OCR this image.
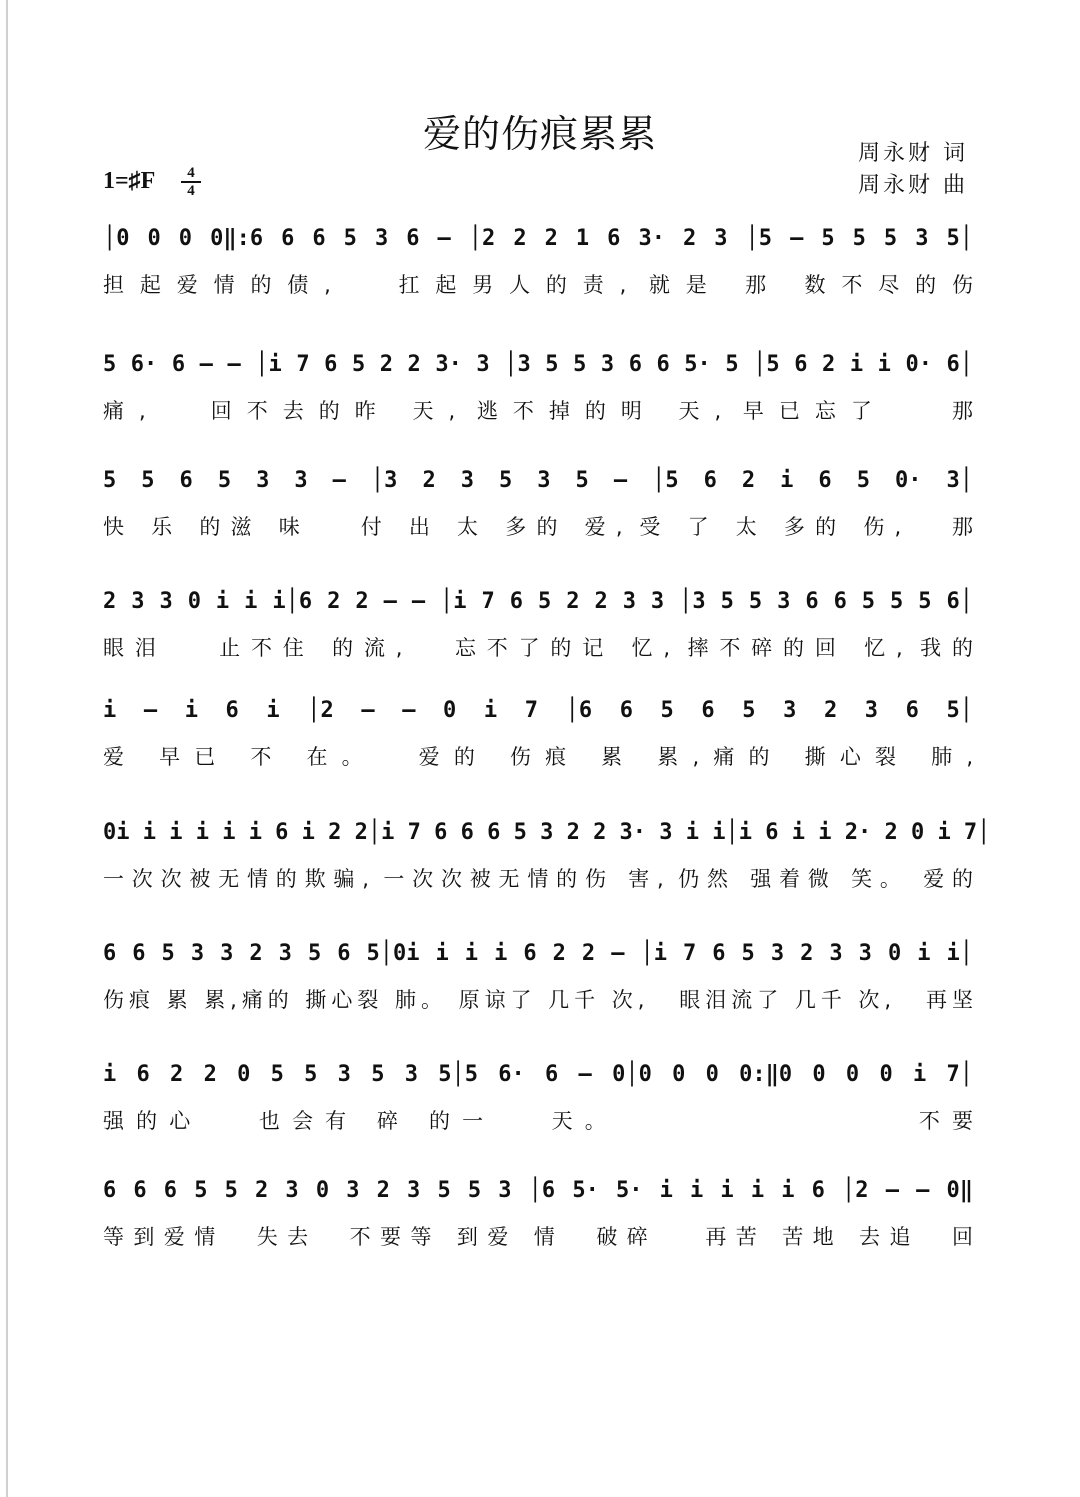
爱的伤痕累累	周永财 词
周永财 曲
1=♯F	4
4
│0 0 0 0‖:6 6 6 5 3 6 – │2 2 2 1 6 3· 2 3 │5 – 5 5 5 3 5│
担起爱情的债,   扛起男人的责, 就是 那 数不尽的伤
5 6· 6 – – │i 7 6 5 2 2 3· 3 │3 5 5 3 6 6 5· 5 │5 6 2 i i 0· 6│
痛,   回不去的昨 天, 逃不掉的明 天, 早已忘了   那
5 5 6 5 3 3 – │3 2 3 5 3 5 – │5 6 2 i 6 5 0· 3│
快 乐 的滋 味   付 出 太 多的 爱, 受 了 太 多的 伤,   那
2 3 3 0 i i i│6 2 2 – – │i 7 6 5 2 2 3 3 │3 5 5 3 6 6 5 5 5 6│
眼泪   止不住 的流,   忘不了的记 忆, 摔不碎的回 忆, 我的
i – i 6 i │2 – – 0 i 7 │6 6 5 6 5 3 2 3 6 5│
爱 早已 不 在。  爱的 伤痕 累 累,痛的 撕心裂 肺,
0i i i i i i 6 i 2 2│i 7 6 6 6 5 3 2 2 3· 3 i i│i 6 i i 2· 2 0 i 7│
一次次被无情的欺骗, 一次次被无情的伤 害, 仍然 强着微 笑。 爱的
6 6 5 3 3 2 3 5 6 5│0i i i i 6 2 2 – │i 7 6 5 3 2 3 3 0 i i│
伤痕 累 累,痛的 撕心裂 肺。 原谅了 几千 次,   眼泪流了 几千 次,   再坚
i 6 2 2 0 5 5 3 5 3 5│5 6· 6 – 0│0 0 0 0:‖0 0 0 0 i 7│
强的心   也会有 碎 的一   天。                不要
6 6 6 5 5 2 3 0 3 2 3 5 5 3 │6 5· 5· i i i i i 6 │2 – – 0‖
等到爱情  失去  不要等 到爱 情  破碎   再苦 苦地 去追  回
